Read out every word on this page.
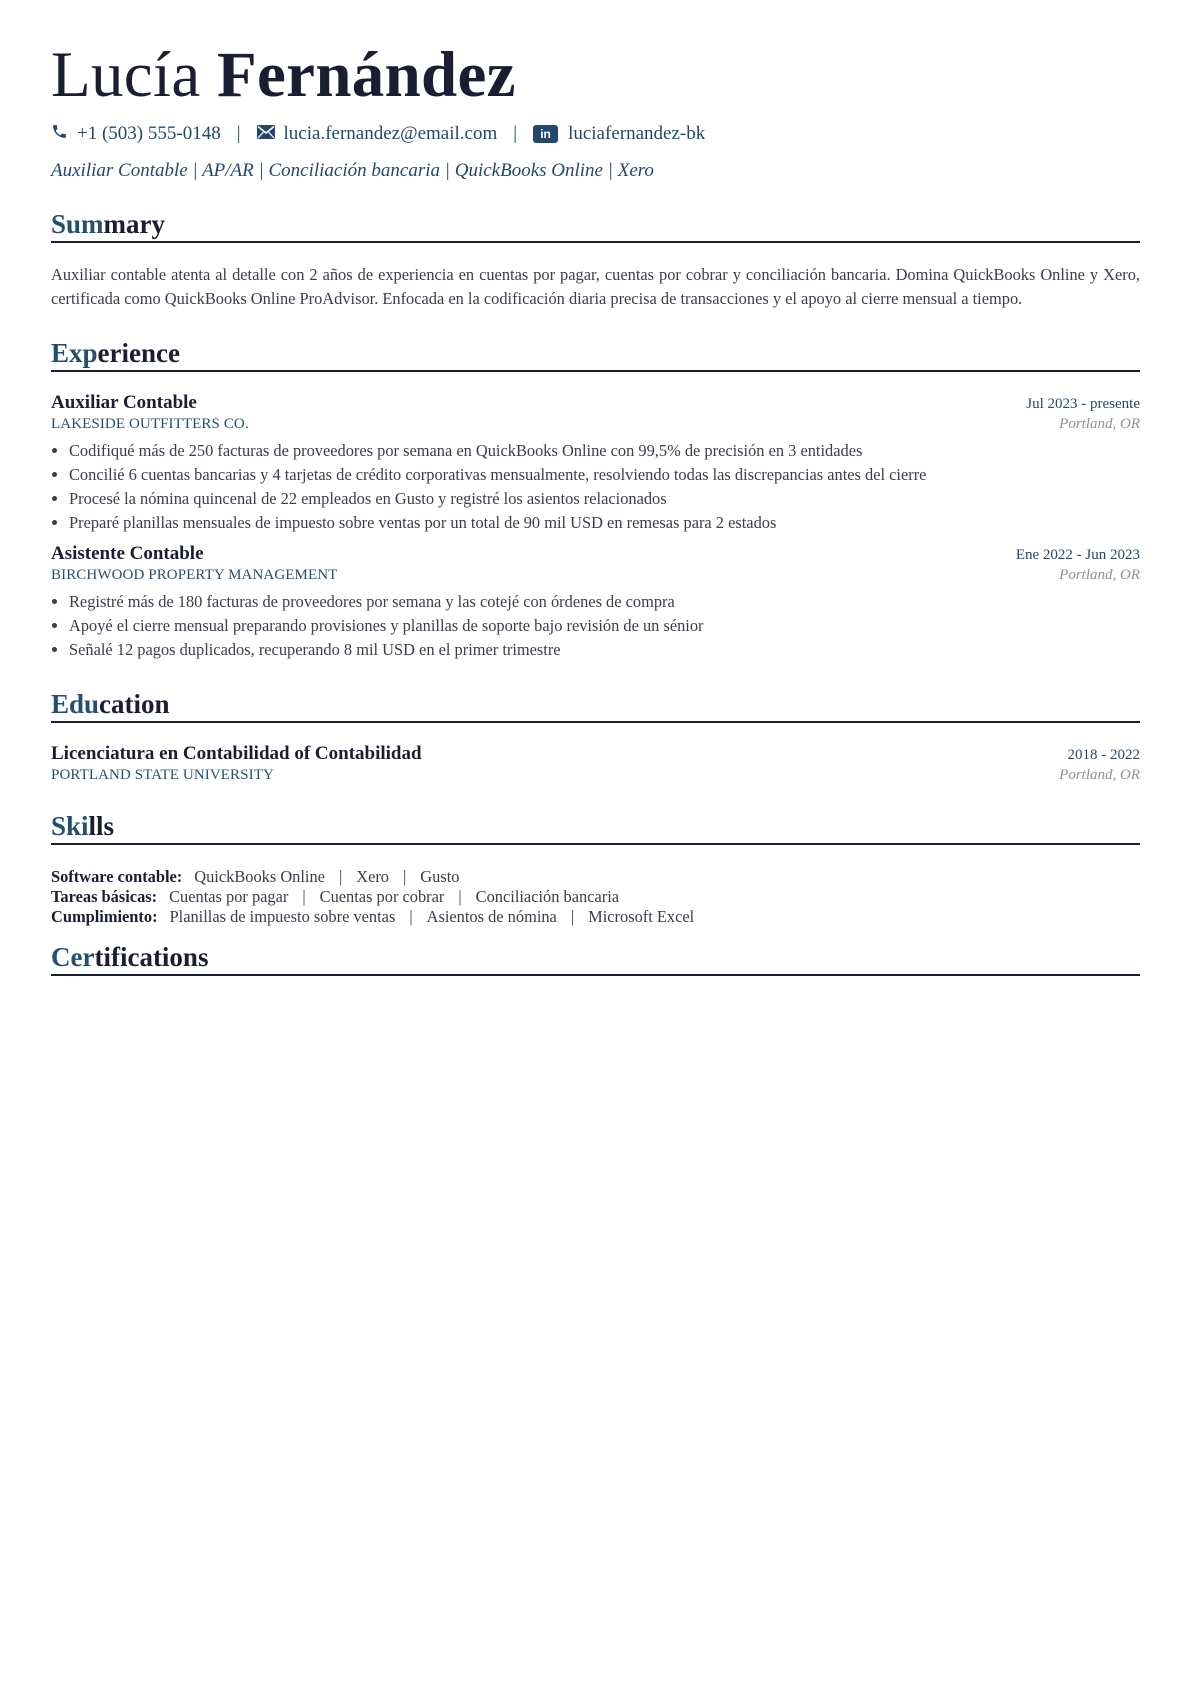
Lucía Fernández
+1 (503) 555-0148 | lucia.fernandez@email.com |	in luciafernandez-bk
Auxiliar Contable | AP/AR | Conciliación bancaria | QuickBooks Online | Xero
Summary
Auxiliar contable atenta al detalle con 2 años de experiencia en cuentas por pagar, cuentas por cobrar y conciliación bancaria. Domina QuickBooks Online y Xero, certificada como QuickBooks Online ProAdvisor. Enfocada en la codificación diaria precisa de transacciones y el apoyo al cierre mensual a tiempo.
Experience
Auxiliar Contable	Jul 2023 - presente
LAKESIDE OUTFITTERS CO.	Portland, OR
• Codifiqué más de 250 facturas de proveedores por semana en QuickBooks Online con 99,5% de precisión en 3 entidades
• Concilié 6 cuentas bancarias y 4 tarjetas de crédito corporativas mensualmente, resolviendo todas las discrepancias antes del cierre
• Procesé la nómina quincenal de 22 empleados en Gusto y registré los asientos relacionados
• Preparé planillas mensuales de impuesto sobre ventas por un total de 90 mil USD en remesas para 2 estados
Asistente Contable	Ene 2022 - Jun 2023
BIRCHWOOD PROPERTY MANAGEMENT	Portland, OR
• Registré más de 180 facturas de proveedores por semana y las cotejé con órdenes de compra
• Apoyé el cierre mensual preparando provisiones y planillas de soporte bajo revisión de un sénior
• Señalé 12 pagos duplicados, recuperando 8 mil USD en el primer trimestre
Education
Licenciatura en Contabilidad of Contabilidad	2018 - 2022
PORTLAND STATE UNIVERSITY	Portland, OR
Skills
Software contable: QuickBooks Online | Xero | Gusto
Tareas básicas: Cuentas por pagar | Cuentas por cobrar | Conciliación bancaria
Cumplimiento: Planillas de impuesto sobre ventas | Asientos de nómina | Microsoft Excel
Certifications
